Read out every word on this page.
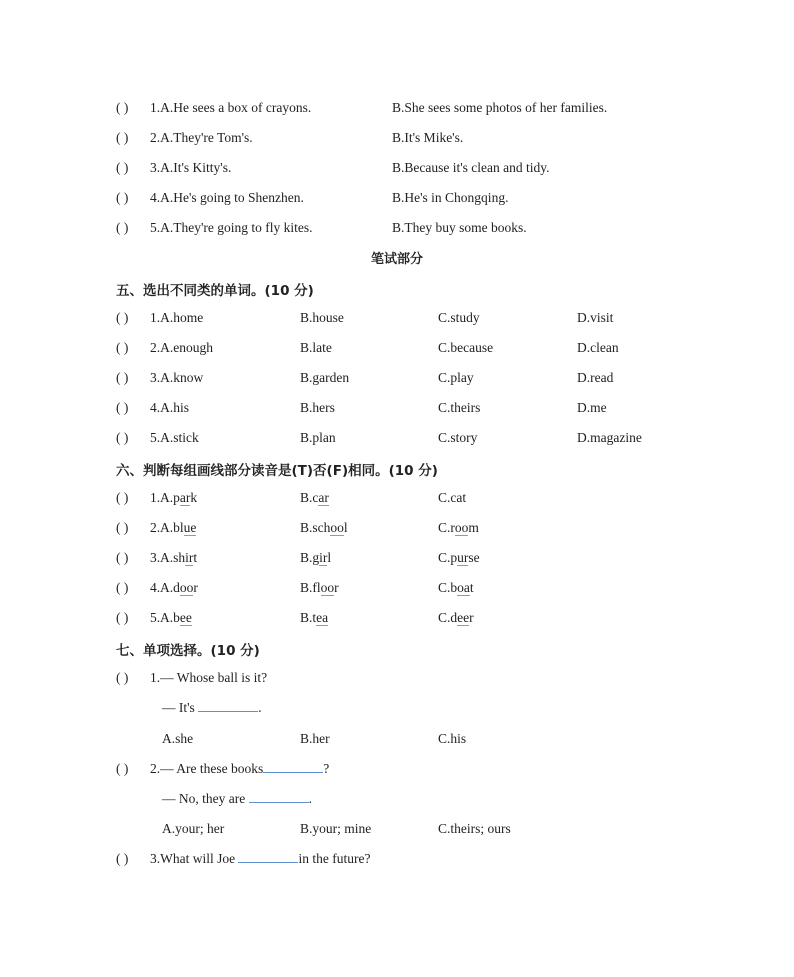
( ) 1.A.He sees a box of crayons.	B.She sees some photos of her families.
( ) 2.A.They're Tom's.	B.It's Mike's.
( ) 3.A.It's Kitty's.	B.Because it's clean and tidy.
( ) 4.A.He's going to Shenzhen.	B.He's in Chongqing.
( ) 5.A.They're going to fly kites.	B.They buy some books.
笔试部分
五、选出不同类的单词。(10 分)
( ) 1.A.home	B.house	C.study	D.visit
( ) 2.A.enough	B.late	C.because	D.clean
( ) 3.A.know	B.garden	C.play	D.read
( ) 4.A.his	B.hers	C.theirs	D.me
( ) 5.A.stick	B.plan	C.story	D.magazine
六、判断每组画线部分读音是(T)否(F)相同。(10 分)
( ) 1. A.park	B.car	C.cat
( ) 2. A.blue	B.school	C.room
( ) 3. A.shirt	B.girl	C.purse
( ) 4. A.door	B.floor	C.boat
( ) 5. A.bee	B.tea	C.deer
七、单项选择。(10 分)
( ) 1.— Whose ball is it?
— It's	.
A.she	B.her	C.his
( ) 2.— Are these books	?
— No, they are	.
A.your; her	B.your; mine	C.theirs; ours
( ) 3.What will Joe	in the future?
